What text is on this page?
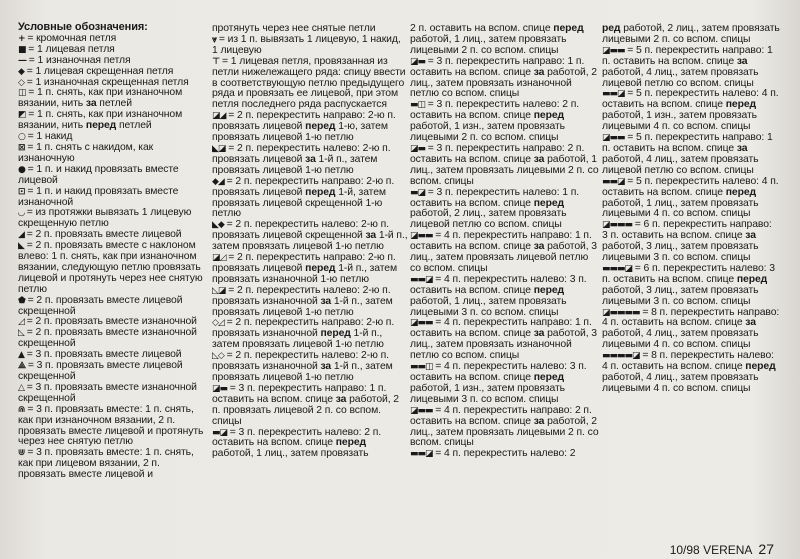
Условные обозначения:
+ = кромочная петля
■ = 1 лицевая петля
— = 1 изнаночная петля
◆ = 1 лицевая скрещенная петля
◇ = 1 изнаночная скрещенная петля
◫ = 1 п. снять, как при изнаночном вязании, нить за петлей
◩ = 1 п. снять, как при изнаночном вязании, нить перед петлей
○ = 1 накид
⊠ = 1 п. снять с накидом, как изнаночную
● = 1 п. и накид провязать вместе лицевой
⊡ = 1 п. и накид провязать вместе изнаночной
◡ = из протяжки вывязать 1 лицевую скрещенную петлю
◢ = 2 п. провязать вместе лицевой
◣ = 2 п. провязать вместе с наклоном влево: 1 п. снять, как при изнаночном вязании, следующую петлю провязать лицевой и протянуть через нее снятую петлю
⬟ = 2 п. провязать вместе лицевой скрещенной
◿ = 2 п. провязать вместе изнаночной
◺ = 2 п. провязать вместе изнаночной скрещенной
▲ = 3 п. провязать вместе лицевой
⟁ = 3 п. провязать вместе лицевой скрещенной
△ = 3 п. провязать вместе изнаночной скрещенной
⋒ = 3 п. провязать вместе: 1 п. снять, как при изнаночном вязании, 2 п. провязать вместе лицевой и протянуть через нее снятую петлю
⋓ = 3 п. провязать вместе: 1 п. снять, как при лицевом вязании, 2 п. провязать вместе лицевой и
протянуть через нее снятые петли
⩔ = из 1 п. вывязать 1 лицевую, 1 накид, 1 лицевую
⊤ = 1 лицевая петля, провязанная из петли нижележащего ряда: спицу ввести в соответствующую петлю предыдущего ряда и провязать ее лицевой, при этом петля последнего ряда распускается
◪◢ = 2 п. перекрестить направо: 2-ю п. провязать лицевой перед 1-ю, затем провязать лицевой 1-ю петлю
◣◪ = 2 п. перекрестить налево: 2-ю п. провязать лицевой за 1-й п., затем провязать лицевой 1-ю петлю
◆◢ = 2 п. перекрестить направо: 2-ю п. провязать лицевой перед 1-й, затем провязать лицевой скрещенной 1-ю петлю
◣◆ = 2 п. перекрестить налево: 2-ю п. провязать лицевой скрещенной за 1-й п., затем провязать лицевой 1-ю петлю
◪◿ = 2 п. перекрестить направо: 2-ю п. провязать лицевой перед 1-й п., затем провязать изнаночной 1-ю петлю
◺◪ = 2 п. перекрестить налево: 2-ю п. провязать изнаночной за 1-й п., затем провязать лицевой 1-ю петлю
◇◿ = 2 п. перекрестить направо: 2-ю п. провязать изнаночной перед 1-й п., затем провязать лицевой 1-ю петлю
◺◇ = 2 п. перекрестить налево: 2-ю п. провязать изнаночной за 1-й п., затем провязать лицевой 1-ю петлю
◪▬ = 3 п. перекрестить направо: 1 п. оставить на вспом. спице за работой, 2 п. провязать лицевой 2 п. со вспом. спицы
▬◪ = 3 п. перекрестить налево: 2 п. оставить на вспом. спице перед работой, 1 лиц., затем провязать
2 п. оставить на вспом. спице перед работой, 1 лиц., затем провязать лицевыми 2 п. со вспом. спицы
◪▬ = 3 п. перекрестить направо: 1 п. оставить на вспом. спице за работой, 2 лиц., затем провязать изнаночной петлю со вспом. спицы
▬◫ = 3 п. перекрестить налево: 2 п. оставить на вспом. спице перед работой, 1 изн., затем провязать лицевыми 2 п. со вспом. спицы
◪▬ = 3 п. перекрестить направо: 2 п. оставить на вспом. спице за работой, 1 лиц., затем провязать лицевыми 2 п. со вспом. спицы
▬◪ = 3 п. перекрестить налево: 1 п. оставить на вспом. спице перед работой, 2 лиц., затем провязать лицевой петлю со вспом. спицы
◪▬▬ = 4 п. перекрестить направо: 1 п. оставить на вспом. спице за работой, 3 лиц., затем провязать лицевой петлю со вспом. спицы
▬▬◪ = 4 п. перекрестить налево: 3 п. оставить на вспом. спице перед работой, 1 лиц., затем провязать лицевыми 3 п. со вспом. спицы
◪▬▬ = 4 п. перекрестить направо: 1 п. оставить на вспом. спице за работой, 3 лиц., затем провязать изнаночной петлю со вспом. спицы
▬▬◫ = 4 п. перекрестить налево: 3 п. оставить на вспом. спице перед работой, 1 изн., затем провязать лицевыми 3 п. со вспом. спицы
◪▬▬ = 4 п. перекрестить направо: 2 п. оставить на вспом. спице за работой, 2 лиц., затем провязать лицевыми 2 п. со вспом. спицы
▬▬◪ = 4 п. перекрестить налево: 2
ред работой, 2 лиц., затем провязать лицевыми 2 п. со вспом. спицы
◪▬▬ = 5 п. перекрестить направо: 1 п. оставить на вспом. спице за работой, 4 лиц., затем провязать лицевой петлю со вспом. спицы
▬▬◪ = 5 п. перекрестить налево: 4 п. оставить на вспом. спице перед работой, 1 изн., затем провязать лицевыми 4 п. со вспом. спицы
◪▬▬ = 5 п. перекрестить направо: 1 п. оставить на вспом. спице за работой, 4 лиц., затем провязать лицевой петлю со вспом. спицы
▬▬◪ = 5 п. перекрестить налево: 4 п. оставить на вспом. спице перед работой, 1 лиц., затем провязать лицевыми 4 п. со вспом. спицы
◪▬▬▬ = 6 п. перекрестить направо: 3 п. оставить на вспом. спице за работой, 3 лиц., затем провязать лицевыми 3 п. со вспом. спицы
▬▬▬◪ = 6 п. перекрестить налево: 3 п. оставить на вспом. спице перед работой, 3 лиц., затем провязать лицевыми 3 п. со вспом. спицы
◪▬▬▬▬ = 8 п. перекрестить направо: 4 п. оставить на вспом. спице за работой, 4 лиц., затем провязать лицевыми 4 п. со вспом. спицы
▬▬▬▬◪ = 8 п. перекрестить налево: 4 п. оставить на вспом. спице перед работой, 4 лиц., затем провязать лицевыми 4 п. со вспом. спицы
10/98 VERENA 27
